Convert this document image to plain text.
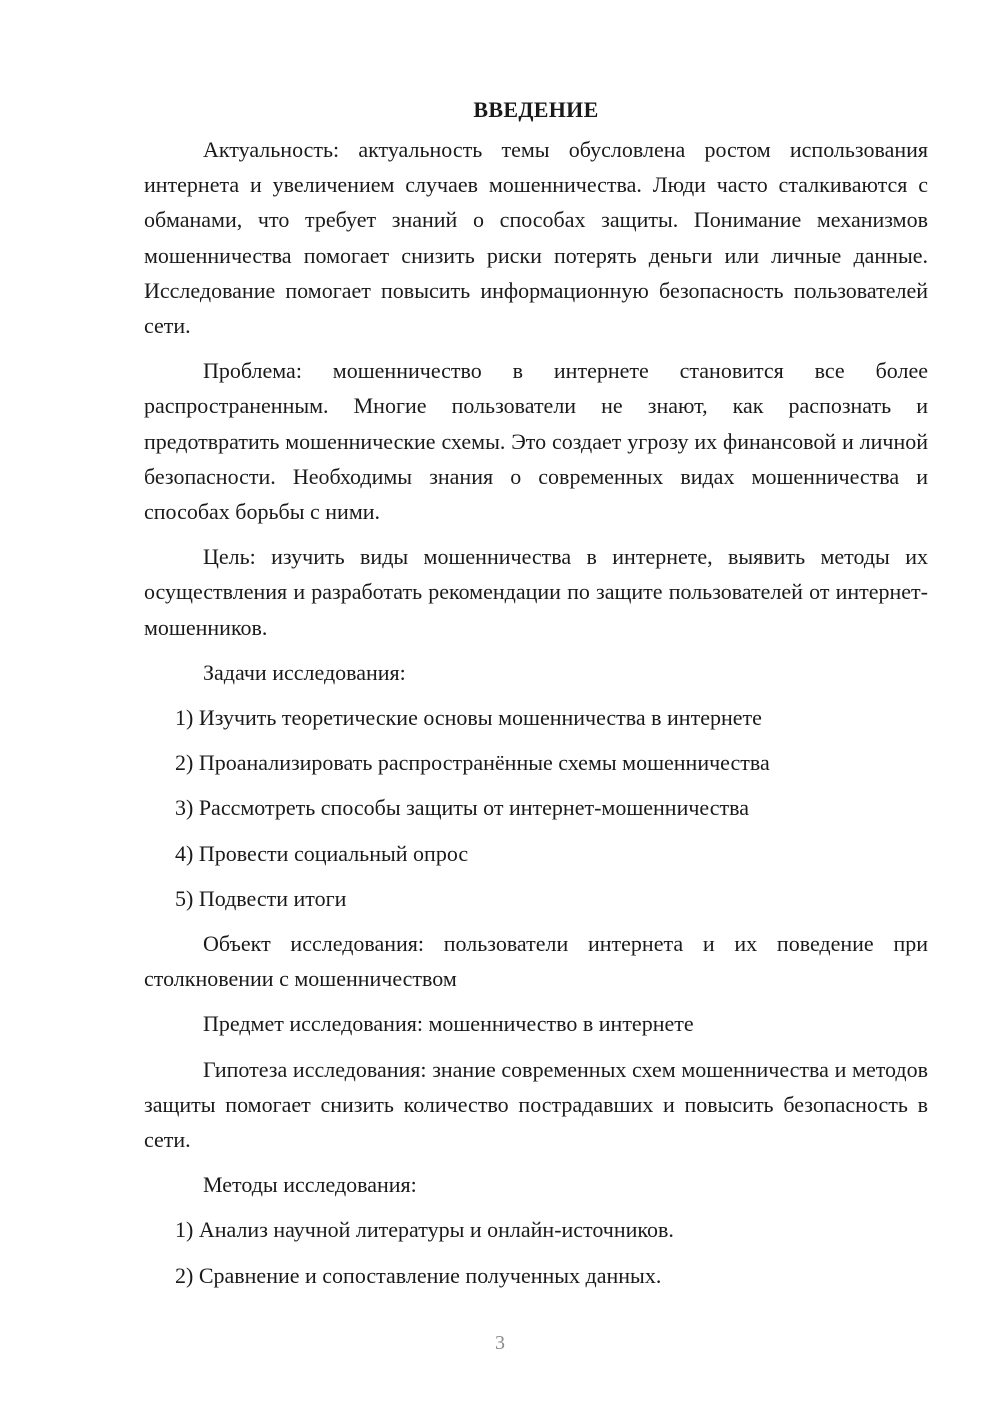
ВВЕДЕНИЕ

Актуальность: актуальность темы обусловлена ростом использования интернета и увеличением случаев мошенничества. Люди часто сталкиваются с обманами, что требует знаний о способах защиты. Понимание механизмов мошенничества помогает снизить риски потерять деньги или личные данные. Исследование помогает повысить информационную безопасность пользователей сети.

Проблема: мошенничество в интернете становится все более распространенным. Многие пользователи не знают, как распознать и предотвратить мошеннические схемы. Это создает угрозу их финансовой и личной безопасности. Необходимы знания о современных видах мошенничества и способах борьбы с ними.

Цель: изучить виды мошенничества в интернете, выявить методы их осуществления и разработать рекомендации по защите пользователей от интернет-мошенников.

Задачи исследования:

1) Изучить теоретические основы мошенничества в интернете
2) Проанализировать распространённые схемы мошенничества
3) Рассмотреть способы защиты от интернет-мошенничества
4) Провести социальный опрос
5) Подвести итоги

Объект исследования: пользователи интернета и их поведение при столкновении с мошенничеством

Предмет исследования: мошенничество в интернете

Гипотеза исследования: знание современных схем мошенничества и методов защиты помогает снизить количество пострадавших и повысить безопасность в сети.

Методы исследования:

1) Анализ научной литературы и онлайн-источников.
2) Сравнение и сопоставление полученных данных.
3
